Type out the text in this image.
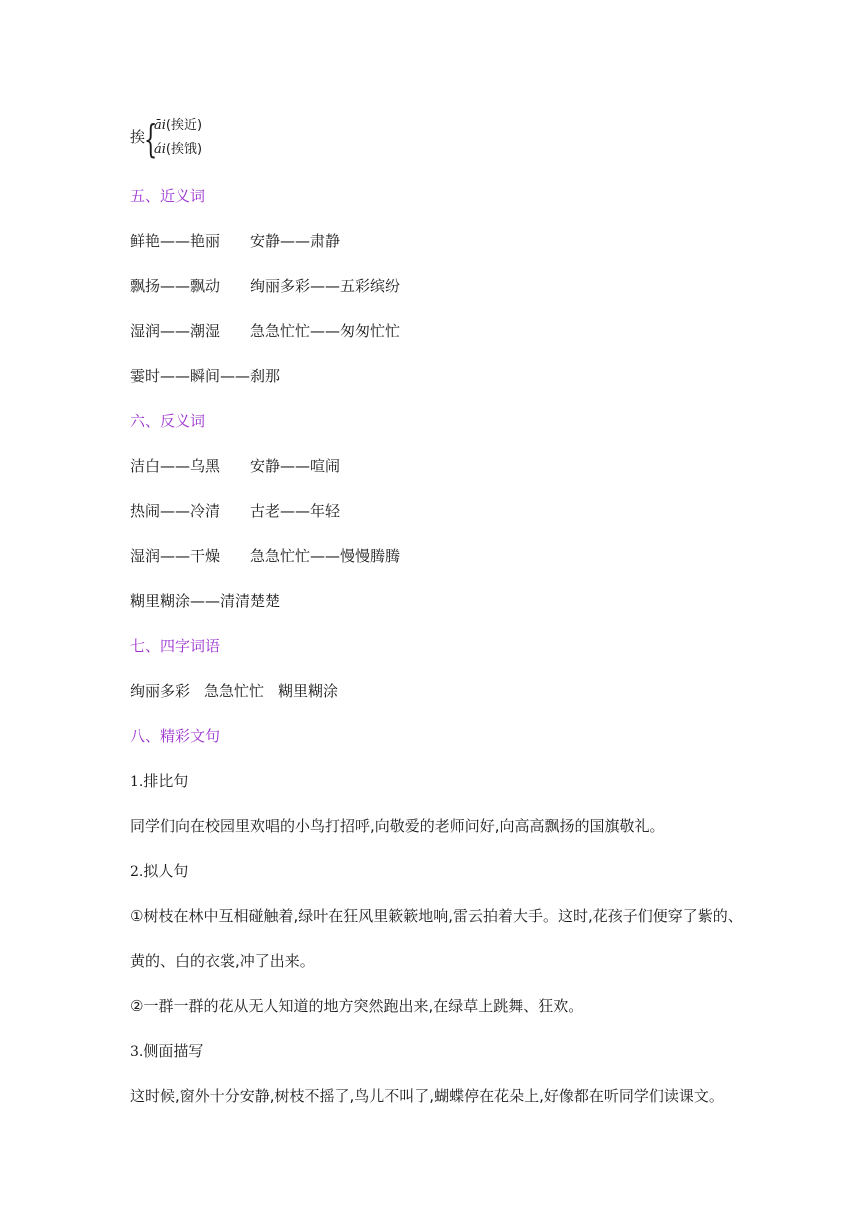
挨
{
āi(挨近)
ái(挨饿)
五、近义词
鲜艳——艳丽 安静——肃静
飘扬——飘动 绚丽多彩——五彩缤纷
湿润——潮湿 急急忙忙——匆匆忙忙
霎时——瞬间——刹那
六、反义词
洁白——乌黑 安静——喧闹
热闹——冷清 古老——年轻
湿润——干燥 急急忙忙——慢慢腾腾
糊里糊涂——清清楚楚
七、四字词语
绚丽多彩 急急忙忙 糊里糊涂
八、精彩文句
1.排比句
同学们向在校园里欢唱的小鸟打招呼,向敬爱的老师问好,向高高飘扬的国旗敬礼。
2.拟人句
①树枝在林中互相碰触着,绿叶在狂风里簌簌地响,雷云拍着大手。这时,花孩子们便穿了紫的、
黄的、白的衣裳,冲了出来。
②一群一群的花从无人知道的地方突然跑出来,在绿草上跳舞、狂欢。
3.侧面描写
这时候,窗外十分安静,树枝不摇了,鸟儿不叫了,蝴蝶停在花朵上,好像都在听同学们读课文。
